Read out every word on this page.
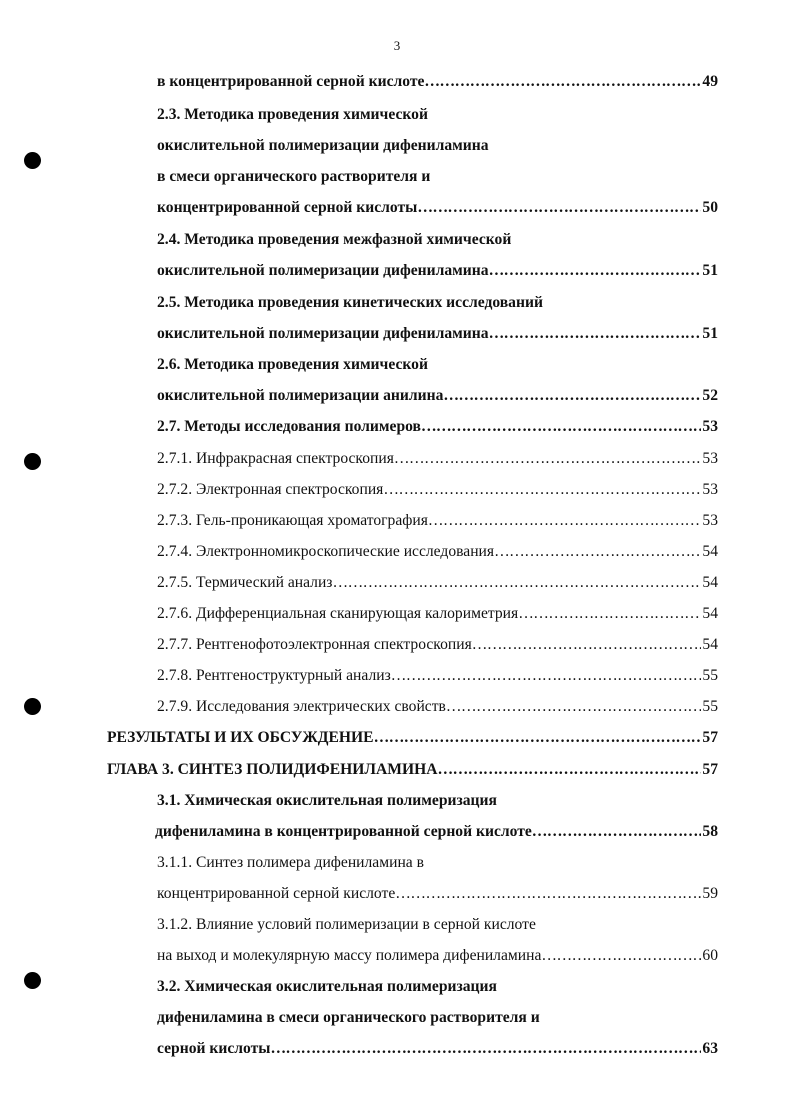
3
в концентрированной серной кислоте ……………………………………………………………………………………………………………………………………………………………………………………	49
2.3. Методика проведения химической
окислительной полимеризации дифениламина
в смеси органического растворителя и
концентрированной серной кислоты ……………………………………………………………………………………………………………………………………………………………………………………	50
2.4. Методика проведения межфазной химической
окислительной полимеризации дифениламина ……………………………………………………………………………………………………………………………………………………………………………………	51
2.5. Методика проведения кинетических исследований
окислительной полимеризации дифениламина ……………………………………………………………………………………………………………………………………………………………………………………	51
2.6. Методика проведения химической
окислительной полимеризации анилина ……………………………………………………………………………………………………………………………………………………………………………………	52
2.7. Методы исследования полимеров ……………………………………………………………………………………………………………………………………………………………………………………	53
2.7.1. Инфракрасная спектроскопия ……………………………………………………………………………………………………………………………………………………………………………………	53
2.7.2. Электронная спектроскопия ……………………………………………………………………………………………………………………………………………………………………………………	53
2.7.3. Гель-проникающая хроматография ……………………………………………………………………………………………………………………………………………………………………………………	53
2.7.4. Электронномикроскопические исследования ……………………………………………………………………………………………………………………………………………………………………………………	54
2.7.5. Термический анализ ……………………………………………………………………………………………………………………………………………………………………………………	54
2.7.6. Дифференциальная сканирующая калориметрия ……………………………………………………………………………………………………………………………………………………………………………………	54
2.7.7. Рентгенофотоэлектронная спектроскопия ……………………………………………………………………………………………………………………………………………………………………………………	54
2.7.8. Рентгеноструктурный анализ ……………………………………………………………………………………………………………………………………………………………………………………	55
2.7.9. Исследования электрических свойств ……………………………………………………………………………………………………………………………………………………………………………………	55
РЕЗУЛЬТАТЫ И ИХ ОБСУЖДЕНИЕ ……………………………………………………………………………………………………………………………………………………………………………………	57
ГЛАВА 3. СИНТЕЗ ПОЛИДИФЕНИЛАМИНА ……………………………………………………………………………………………………………………………………………………………………………………	57
3.1. Химическая окислительная полимеризация
дифениламина в концентрированной серной кислоте ……………………………………………………………………………………………………………………………………………………………………………………	58
3.1.1. Синтез полимера дифениламина в
концентрированной серной кислоте ……………………………………………………………………………………………………………………………………………………………………………………	59
3.1.2. Влияние условий полимеризации в серной кислоте
на выход и молекулярную массу полимера дифениламина ……………………………………………………………………………………………………………………………………………………………………………………	60
3.2. Химическая окислительная полимеризация
дифениламина в смеси органического растворителя и
серной кислоты ……………………………………………………………………………………………………………………………………………………………………………………	63
